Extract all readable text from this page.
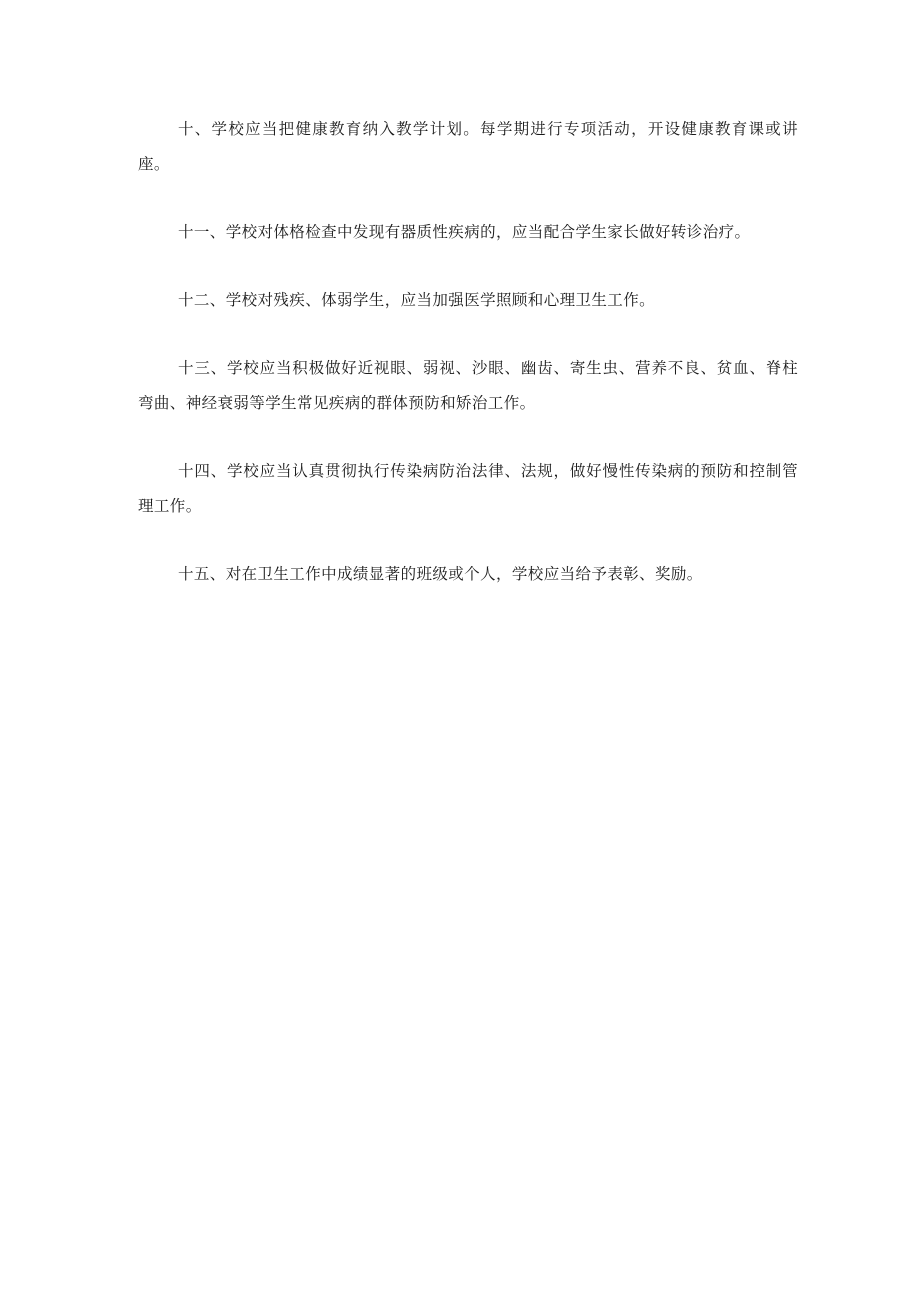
十、学校应当把健康教育纳入教学计划。每学期进行专项活动，开设健康教育课或讲座。

十一、学校对体格检查中发现有器质性疾病的，应当配合学生家长做好转诊治疗。

十二、学校对残疾、体弱学生，应当加强医学照顾和心理卫生工作。

十三、学校应当积极做好近视眼、弱视、沙眼、幽齿、寄生虫、营养不良、贫血、脊柱弯曲、神经衰弱等学生常见疾病的群体预防和矫治工作。

十四、学校应当认真贯彻执行传染病防治法律、法规，做好慢性传染病的预防和控制管理工作。

十五、对在卫生工作中成绩显著的班级或个人，学校应当给予表彰、奖励。
